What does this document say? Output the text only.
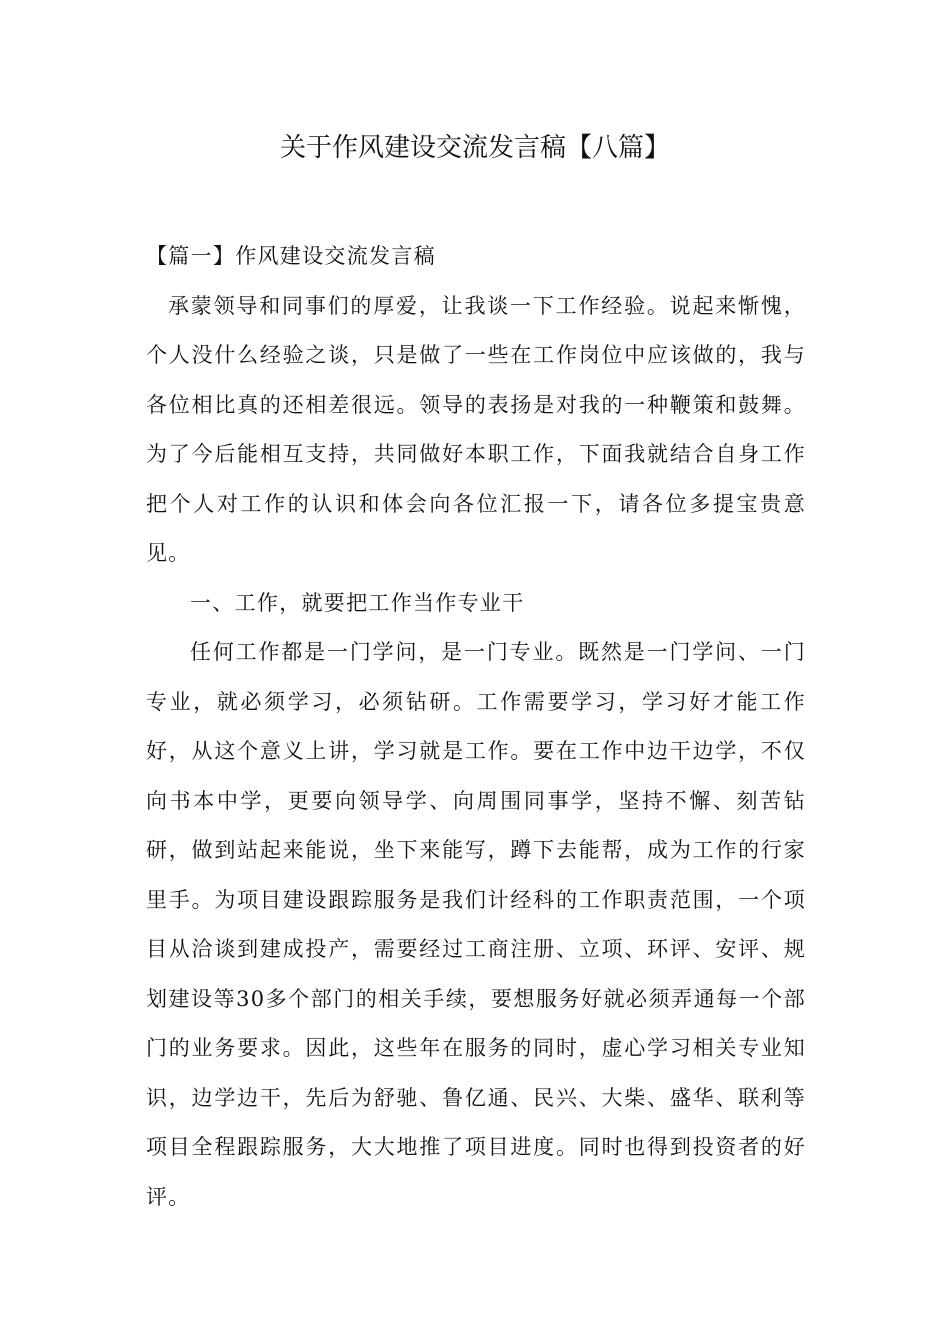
关于作风建设交流发言稿【八篇】

【篇一】作风建设交流发言稿

承蒙领导和同事们的厚爱，让我谈一下工作经验。说起来惭愧，个人没什么经验之谈，只是做了一些在工作岗位中应该做的，我与各位相比真的还相差很远。领导的表扬是对我的一种鞭策和鼓舞。为了今后能相互支持，共同做好本职工作，下面我就结合自身工作把个人对工作的认识和体会向各位汇报一下，请各位多提宝贵意见。

一、工作，就要把工作当作专业干

任何工作都是一门学问，是一门专业。既然是一门学问、一门专业，就必须学习，必须钻研。工作需要学习，学习好才能工作好，从这个意义上讲，学习就是工作。要在工作中边干边学，不仅向书本中学，更要向领导学、向周围同事学，坚持不懈、刻苦钻研，做到站起来能说，坐下来能写，蹲下去能帮，成为工作的行家里手。为项目建设跟踪服务是我们计经科的工作职责范围，一个项目从洽谈到建成投产，需要经过工商注册、立项、环评、安评、规划建设等30多个部门的相关手续，要想服务好就必须弄通每一个部门的业务要求。因此，这些年在服务的同时，虚心学习相关专业知识，边学边干，先后为舒驰、鲁亿通、民兴、大柴、盛华、联利等项目全程跟踪服务，大大地推了项目进度。同时也得到投资者的好评。
